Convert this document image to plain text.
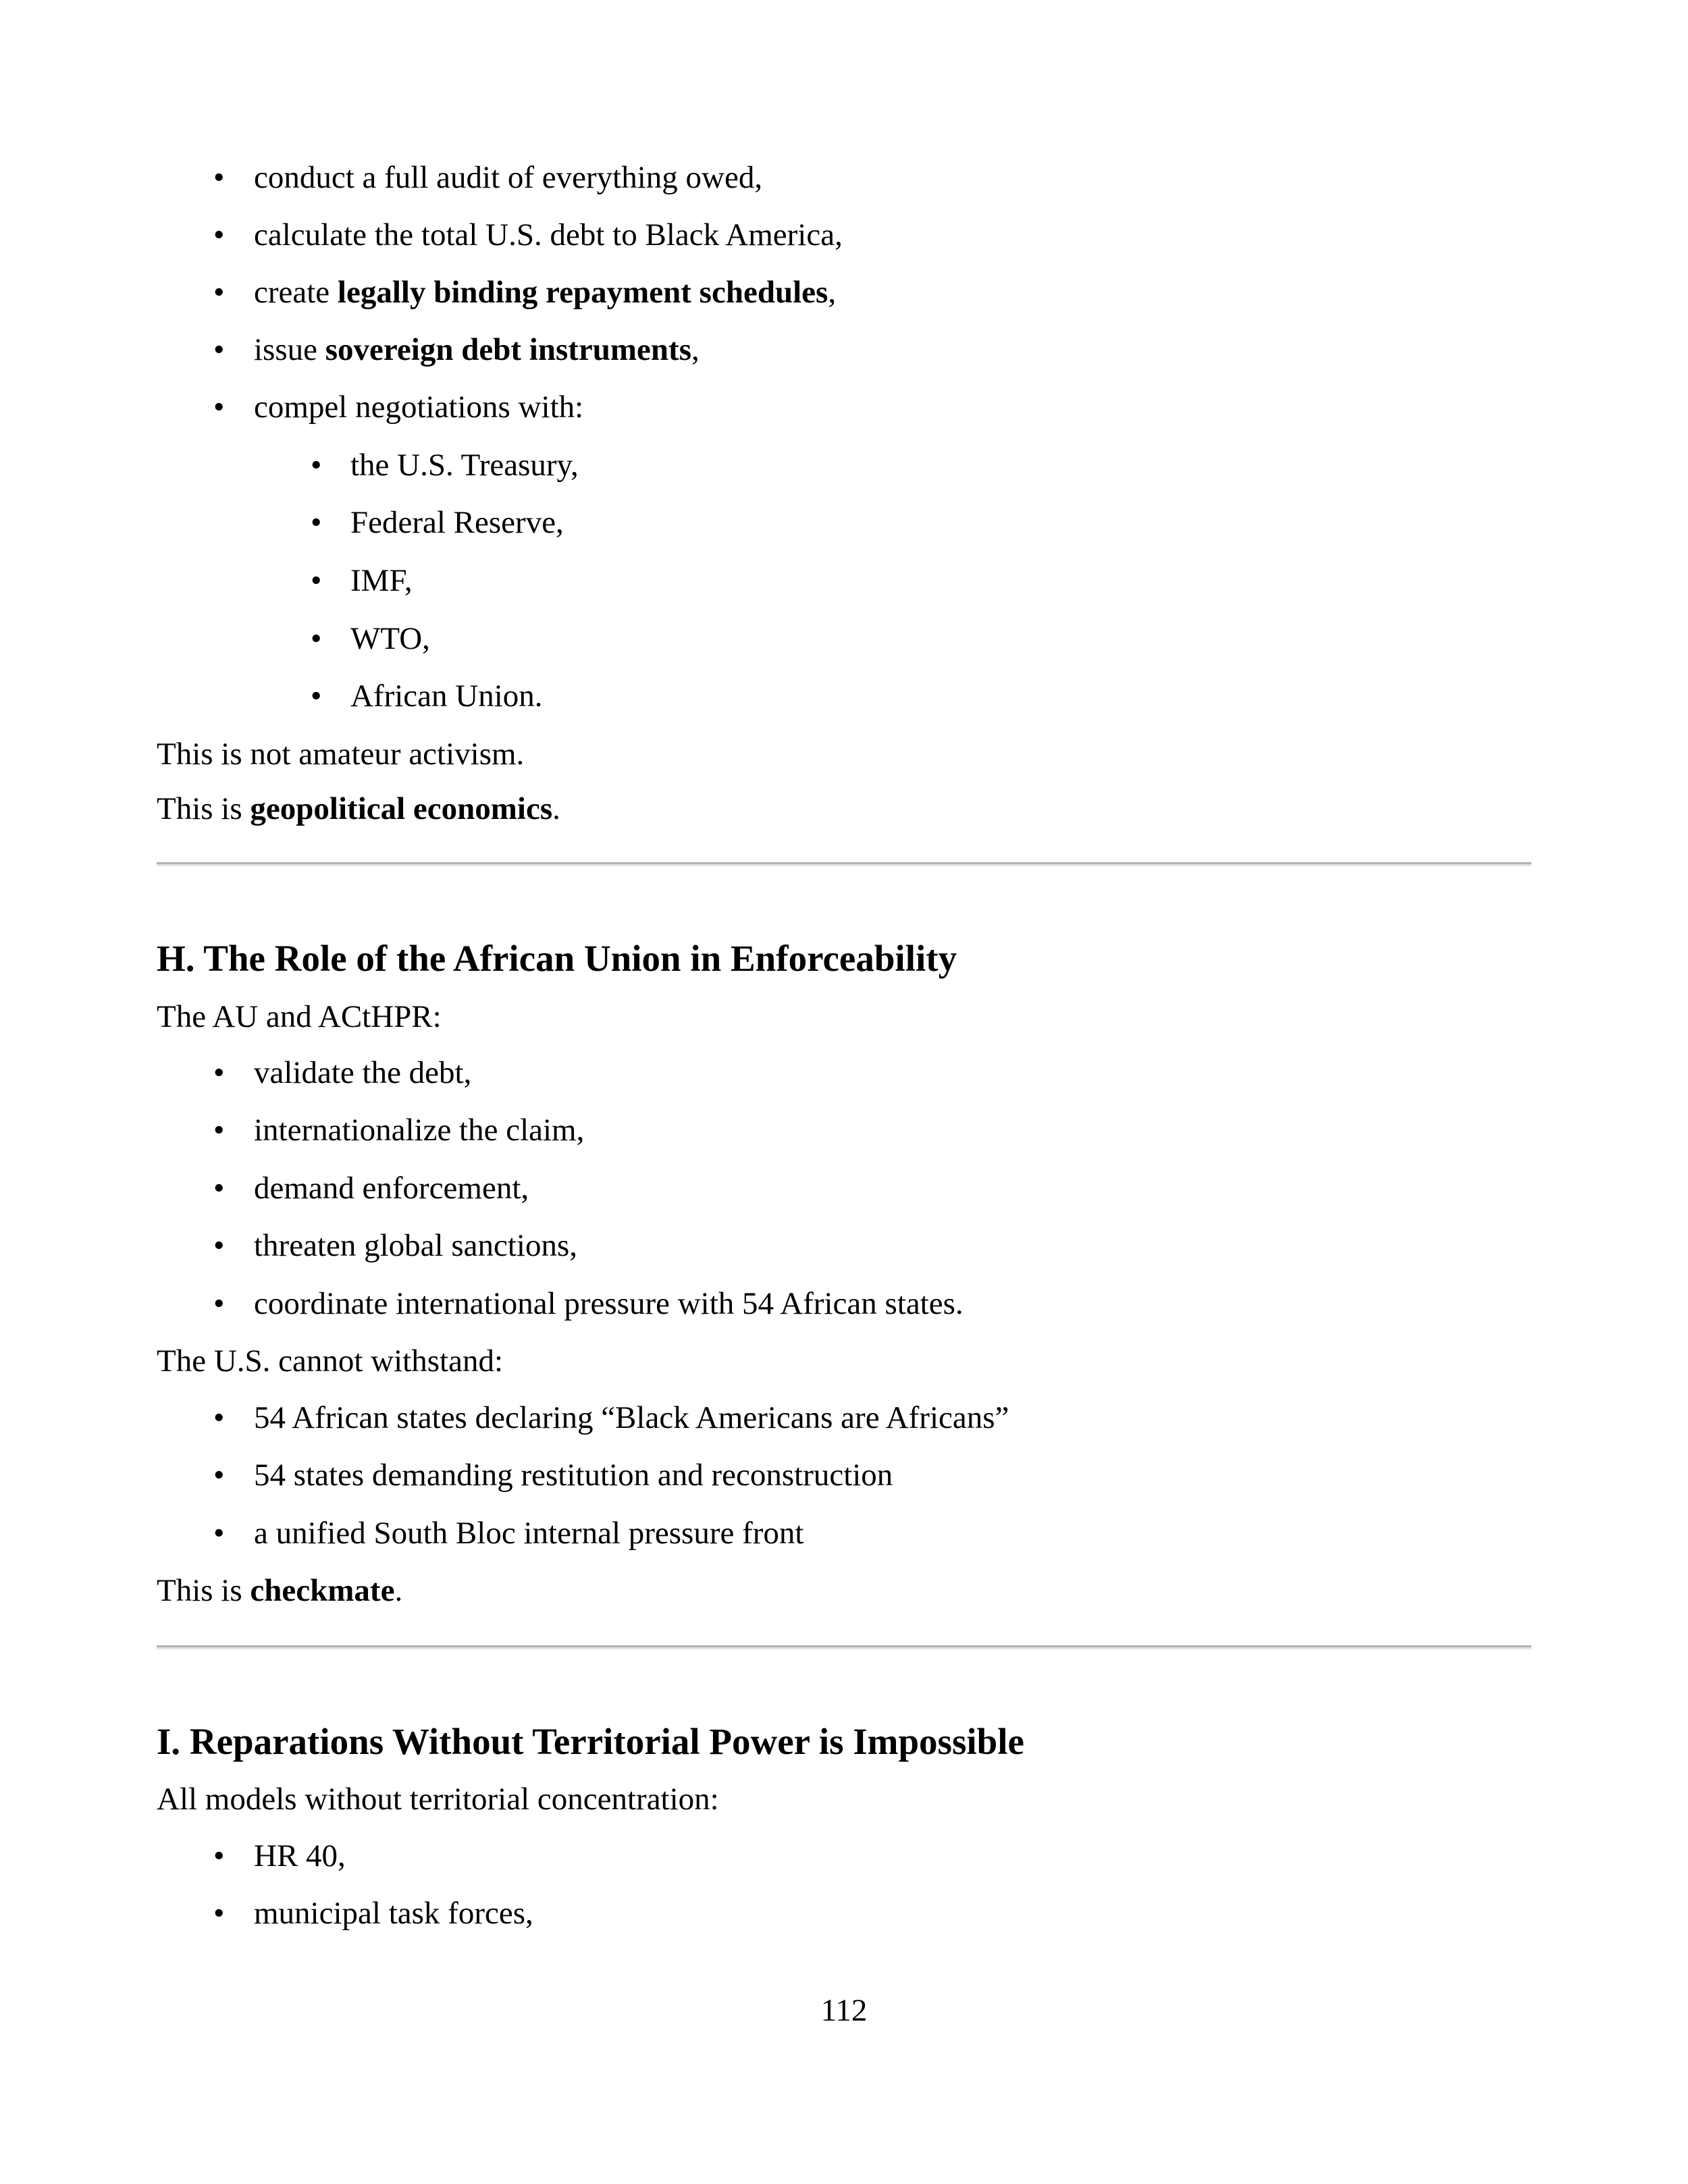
• conduct a full audit of everything owed,
• calculate the total U.S. debt to Black America,
• create legally binding repayment schedules,
• issue sovereign debt instruments,
• compel negotiations with:
• the U.S. Treasury,
• Federal Reserve,
• IMF,
• WTO,
• African Union.
This is not amateur activism.
This is geopolitical economics.
H. The Role of the African Union in Enforceability
The AU and ACtHPR:
• validate the debt,
• internationalize the claim,
• demand enforcement,
• threaten global sanctions,
• coordinate international pressure with 54 African states.
The U.S. cannot withstand:
• 54 African states declaring “Black Americans are Africans”
• 54 states demanding restitution and reconstruction
• a unified South Bloc internal pressure front
This is checkmate.
I. Reparations Without Territorial Power is Impossible
All models without territorial concentration:
• HR 40,
• municipal task forces,
112
